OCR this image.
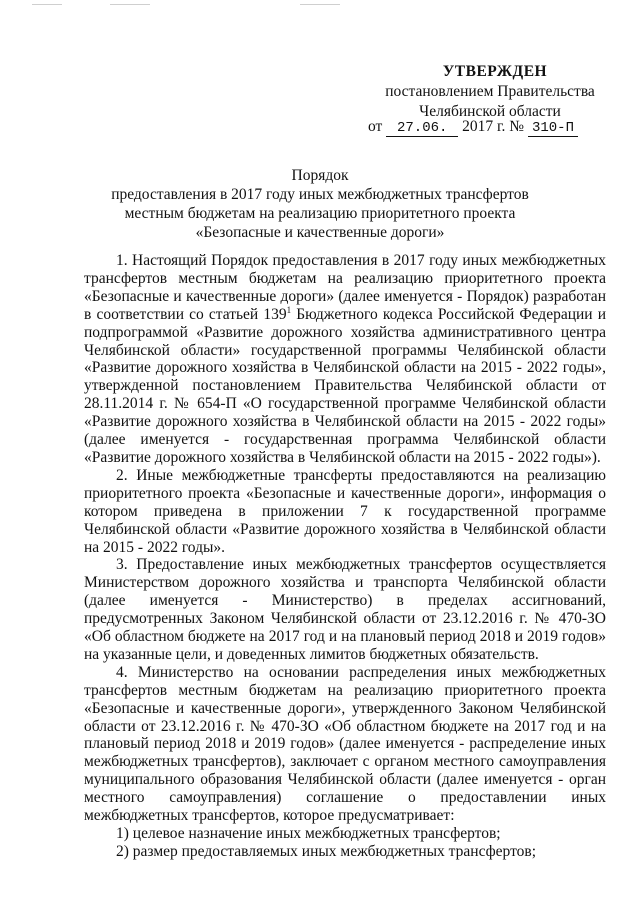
УТВЕРЖДЕН
постановлением Правительства
Челябинской области
от 27.06. 2017 г. № 310-П
Порядок
предоставления в 2017 году иных межбюджетных трансфертов
местным бюджетам на реализацию приоритетного проекта
«Безопасные и качественные дороги»

1. Настоящий Порядок предоставления в 2017 году иных межбюджетных трансфертов местным бюджетам на реализацию приоритетного проекта «Безопасные и качественные дороги» (далее именуется - Порядок) разработан в соответствии со статьей $139^1$ Бюджетного кодекса Российской Федерации и подпрограммой «Развитие дорожного хозяйства административного центра Челябинской области» государственной программы Челябинской области «Развитие дорожного хозяйства в Челябинской области на 2015 - 2022 годы», утвержденной постановлением Правительства Челябинской области от 28.11.2014 г. № 654-П «О государственной программе Челябинской области «Развитие дорожного хозяйства в Челябинской области на 2015 - 2022 годы» (далее именуется - государственная программа Челябинской области «Развитие дорожного хозяйства в Челябинской области на 2015 - 2022 годы»).

2. Иные межбюджетные трансферты предоставляются на реализацию приоритетного проекта «Безопасные и качественные дороги», информация о котором приведена в приложении 7 к государственной программе Челябинской области «Развитие дорожного хозяйства в Челябинской области на 2015 - 2022 годы».

3. Предоставление иных межбюджетных трансфертов осуществляется Министерством дорожного хозяйства и транспорта Челябинской области (далее именуется - Министерство) в пределах ассигнований, предусмотренных Законом Челябинской области от 23.12.2016 г. № 470-ЗО «Об областном бюджете на 2017 год и на плановый период 2018 и 2019 годов» на указанные цели, и доведенных лимитов бюджетных обязательств.

4. Министерство на основании распределения иных межбюджетных трансфертов местным бюджетам на реализацию приоритетного проекта «Безопасные и качественные дороги», утвержденного Законом Челябинской области от 23.12.2016 г. № 470-ЗО «Об областном бюджете на 2017 год и на плановый период 2018 и 2019 годов» (далее именуется - распределение иных межбюджетных трансфертов), заключает с органом местного самоуправления муниципального образования Челябинской области (далее именуется - орган местного самоуправления) соглашение о предоставлении иных межбюджетных трансфертов, которое предусматривает:

1) целевое назначение иных межбюджетных трансфертов;

2) размер предоставляемых иных межбюджетных трансфертов;
